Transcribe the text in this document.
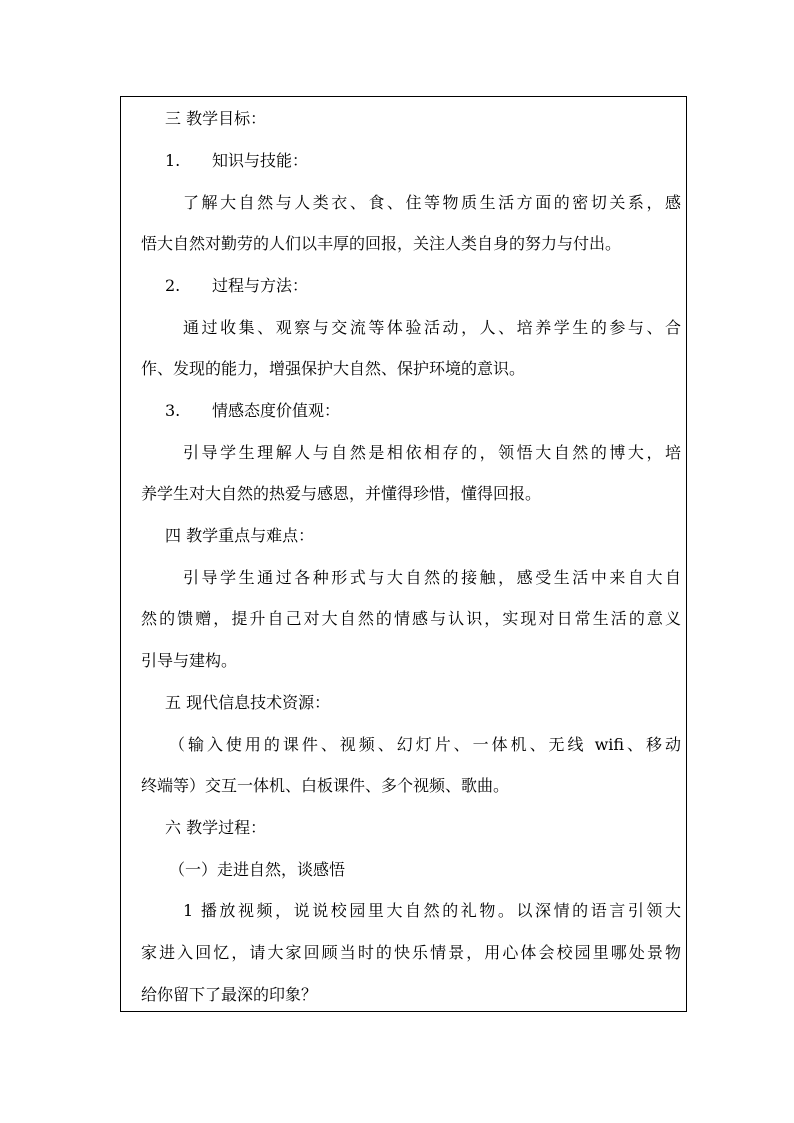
三 教学目标：
1. 知识与技能：
了解大自然与人类衣、食、住等物质生活方面的密切关系，感
悟大自然对勤劳的人们以丰厚的回报，关注人类自身的努力与付出。
2. 过程与方法：
通过收集、观察与交流等体验活动，人、培养学生的参与、合
作、发现的能力，增强保护大自然、保护环境的意识。
3. 情感态度价值观：
引导学生理解人与自然是相依相存的，领悟大自然的博大，培
养学生对大自然的热爱与感恩，并懂得珍惜，懂得回报。
四 教学重点与难点：
引导学生通过各种形式与大自然的接触，感受生活中来自大自
然的馈赠，提升自己对大自然的情感与认识，实现对日常生活的意义
引导与建构。
五 现代信息技术资源：
（输入使用的课件、视频、幻灯片、一体机、无线 wifi、移动
终端等）交互一体机、白板课件、多个视频、歌曲。
六 教学过程：
（一）走进自然，谈感悟
1 播放视频，说说校园里大自然的礼物。以深情的语言引领大
家进入回忆，请大家回顾当时的快乐情景，用心体会校园里哪处景物
给你留下了最深的印象？
